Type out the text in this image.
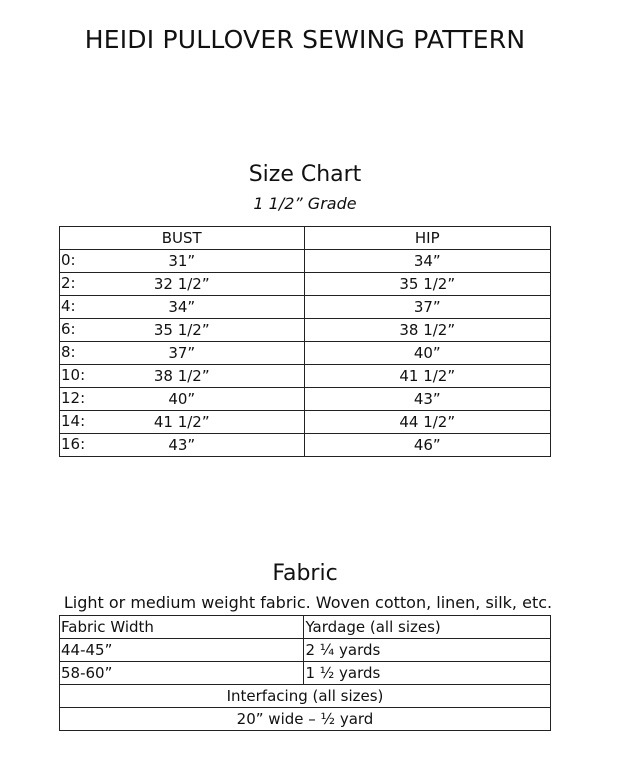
HEIDI PULLOVER SEWING PATTERN
Size Chart
1 1/2” Grade
BUST	HIP

0: 31”	34”

2: 32 1/2”	35 1/2”

4: 34”	37”

6: 35 1/2”	38 1/2”

8: 37”	40”

10: 38 1/2”	41 1/2”

12: 40”	43”

14: 41 1/2”	44 1/2”

16: 43”	46”
Fabric
Light or medium weight fabric. Woven cotton, linen, silk, etc.
Fabric Width	Yardage (all sizes)
44-45”	2 ¼ yards
58-60”	1 ½ yards
Interfacing (all sizes)	
20” wide – ½ yard	
